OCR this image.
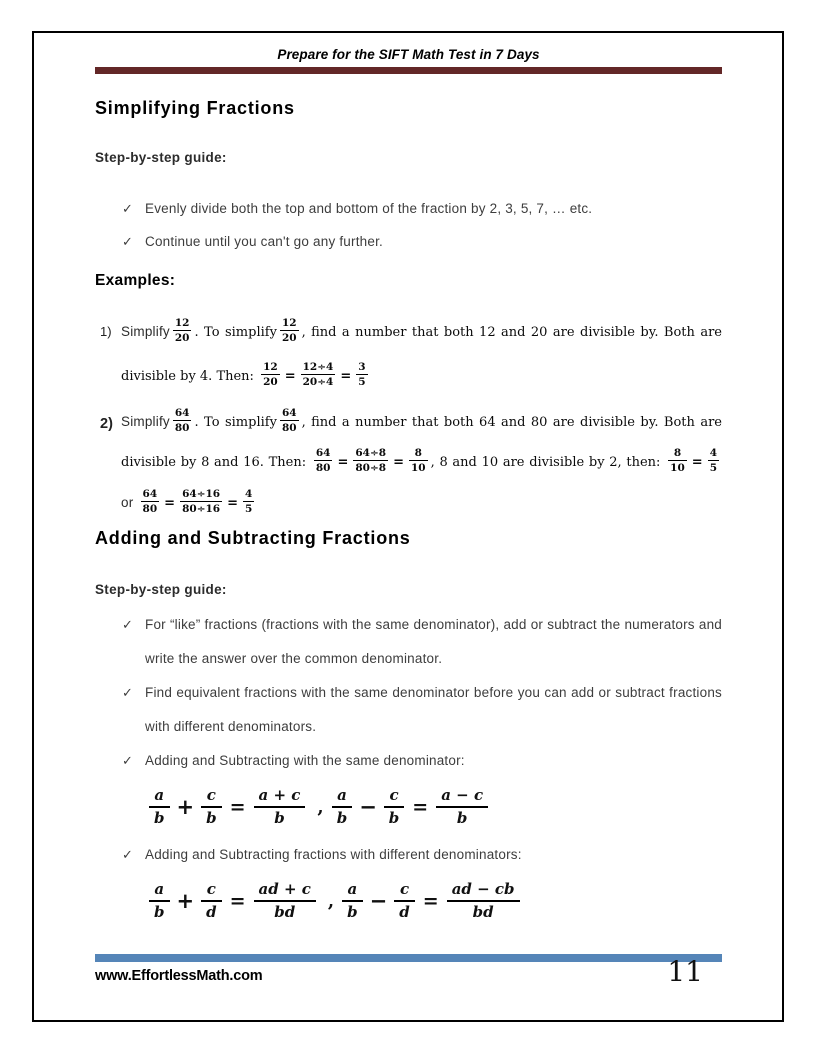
Prepare for the SIFT Math Test in 7 Days
Simplifying Fractions
Step-by-step guide:
✓ Evenly divide both the top and bottom of the fraction by 2, 3, 5, 7, … etc.
✓ Continue until you can't go any further.
Examples:
1) Simplify $\frac{12}{20}$ . To simplify $\frac{12}{20}$ , find a number that both 12 and 20 are divisible by. Both are divisible by 4. Then: $\frac{12}{20} = \frac{12\div 4}{20\div 4} = \frac{3}{5}$
2) Simplify $\frac{64}{80}$ . To simplify $\frac{64}{80}$ , find a number that both 64 and 80 are divisible by. Both are divisible by 8 and 16. Then: $\frac{64}{80} = \frac{64\div 8}{80\div 8} = \frac{8}{10}$ , 8 and 10 are divisible by 2, then: $\frac{8}{10} = \frac{4}{5}$
or $\frac{64}{80} = \frac{64\div 16}{80\div 16} = \frac{4}{5}$
Adding and Subtracting Fractions
Step-by-step guide:
✓ For “like” fractions (fractions with the same denominator), add or subtract the numerators and write the answer over the common denominator.
✓ Find equivalent fractions with the same denominator before you can add or subtract fractions with different denominators.
✓ Adding and Subtracting with the same denominator:
$\frac{a}{b} + \frac{c}{b} = \frac{a + c}{b}$ , $\frac{a}{b} - \frac{c}{b} = \frac{a - c}{b}$
✓ Adding and Subtracting fractions with different denominators:
$\frac{a}{b} + \frac{c}{d} = \frac{ad + c}{bd}$ , $\frac{a}{b} - \frac{c}{d} = \frac{ad - cb}{bd}$
www.EffortlessMath.com	11
